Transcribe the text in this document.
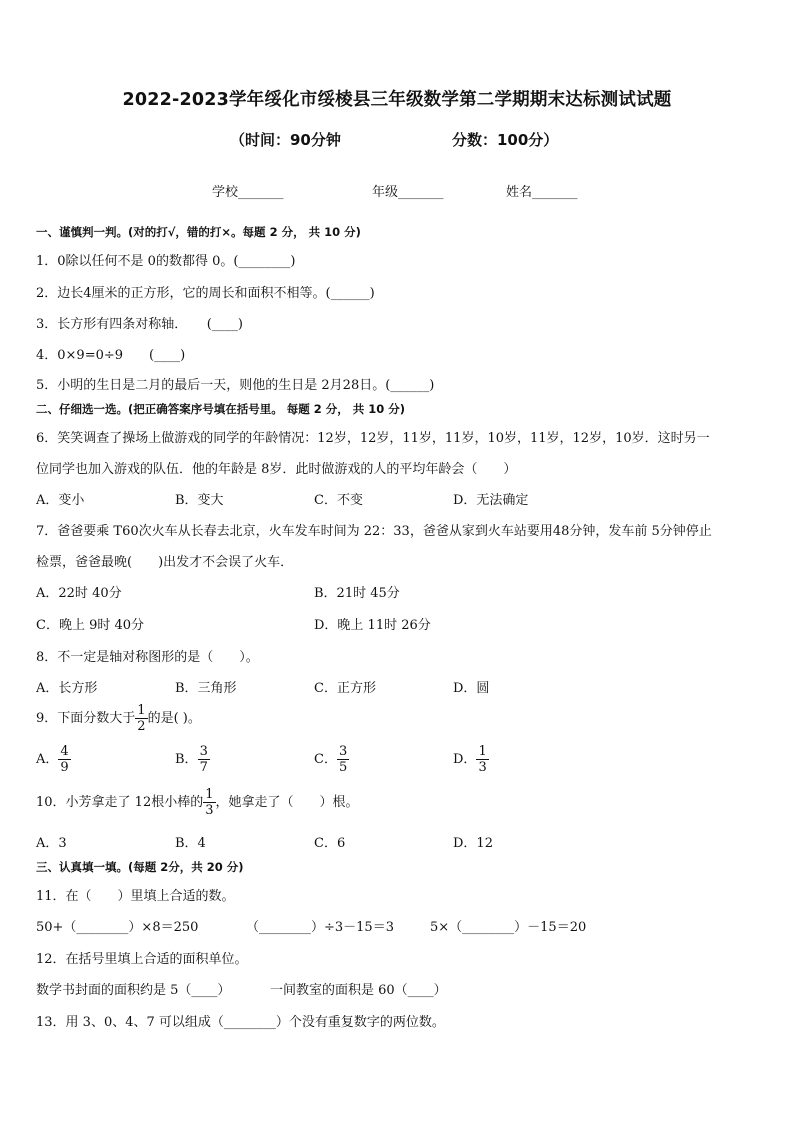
2022-2023学年绥化市绥棱县三年级数学第二学期期末达标测试试题
（时间：90分钟	分数：100分）
学校_______	年级_______	姓名_______
一、谨慎判一判。(对的打√，错的打×。每题 2 分， 共 10 分)
1．0除以任何不是 0的数都得 0。(________)
2．边长4厘米的正方形，它的周长和面积不相等。(______)
3．长方形有四条对称轴．　　(____)
4．0×9=0÷9　　(____)
5．小明的生日是二月的最后一天，则他的生日是 2月28日。(______)
二、仔细选一选。(把正确答案序号填在括号里。 每题 2 分， 共 10 分)
6．笑笑调查了操场上做游戏的同学的年龄情况：12岁，12岁，11岁，11岁，10岁，11岁，12岁，10岁．这时另一
位同学也加入游戏的队伍．他的年龄是 8岁．此时做游戏的人的平均年龄会（　　）
A．变小	B．变大	C．不变	D．无法确定
7．爸爸要乘 T60次火车从长春去北京，火车发车时间为 22：33，爸爸从家到火车站要用48分钟，发车前 5分钟停止
检票，爸爸最晚(　　)出发才不会误了火车．
A．22时 40分	B．21时 45分
C．晚上 9时 40分	D．晚上 11时 26分
8．不一定是轴对称图形的是（　　）。
A．长方形	B．三角形	C．正方形	D．圆
9．下面分数大于 $\frac{1}{2}$ 的是( )。
A． $\frac{4}{9}$	B． $\frac{3}{7}$	C． $\frac{3}{5}$	D． $\frac{1}{3}$
10．小芳拿走了 12根小棒的 $\frac{1}{3}$ ，她拿走了（　　）根。
A．3	B．4	C．6	D．12
三、认真填一填。(每题 2分，共 20 分)
11．在（　　）里填上合适的数。
50+（________）×8＝250	（________）÷3－15＝3	5×（________）－15＝20
12．在括号里填上合适的面积单位。
数学书封面的面积约是 5（____）	一间教室的面积是 60（____）
13．用 3、0、4、7 可以组成（________）个没有重复数字的两位数。
